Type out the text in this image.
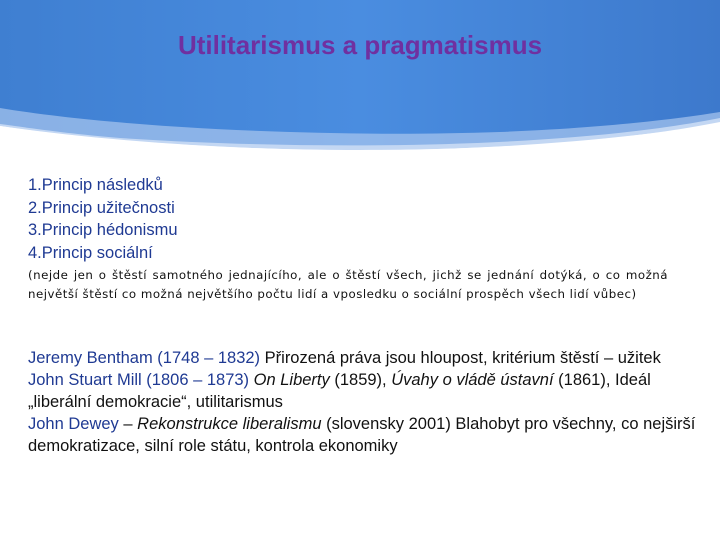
Utilitarismus a pragmatismus
1.Princip následků
2.Princip užitečnosti
3.Princip hédonismu
4.Princip sociální
(nejde jen o štěstí samotného jednajícího, ale o štěstí všech, jichž se jednání dotýká, o co možná největší štěstí co možná největšího počtu lidí a vposledku o sociální prospěch všech lidí vůbec)

Jeremy Bentham (1748 – 1832) Přirozená práva jsou hloupost, kritérium štěstí – užitek

John Stuart Mill (1806 – 1873) On Liberty (1859), Úvahy o vládě ústavní (1861), Ideál „liberální demokracie“, utilitarismus

John Dewey – Rekonstrukce liberalismu (slovensky 2001) Blahobyt pro všechny, co nejširší demokratizace, silní role státu, kontrola ekonomiky
